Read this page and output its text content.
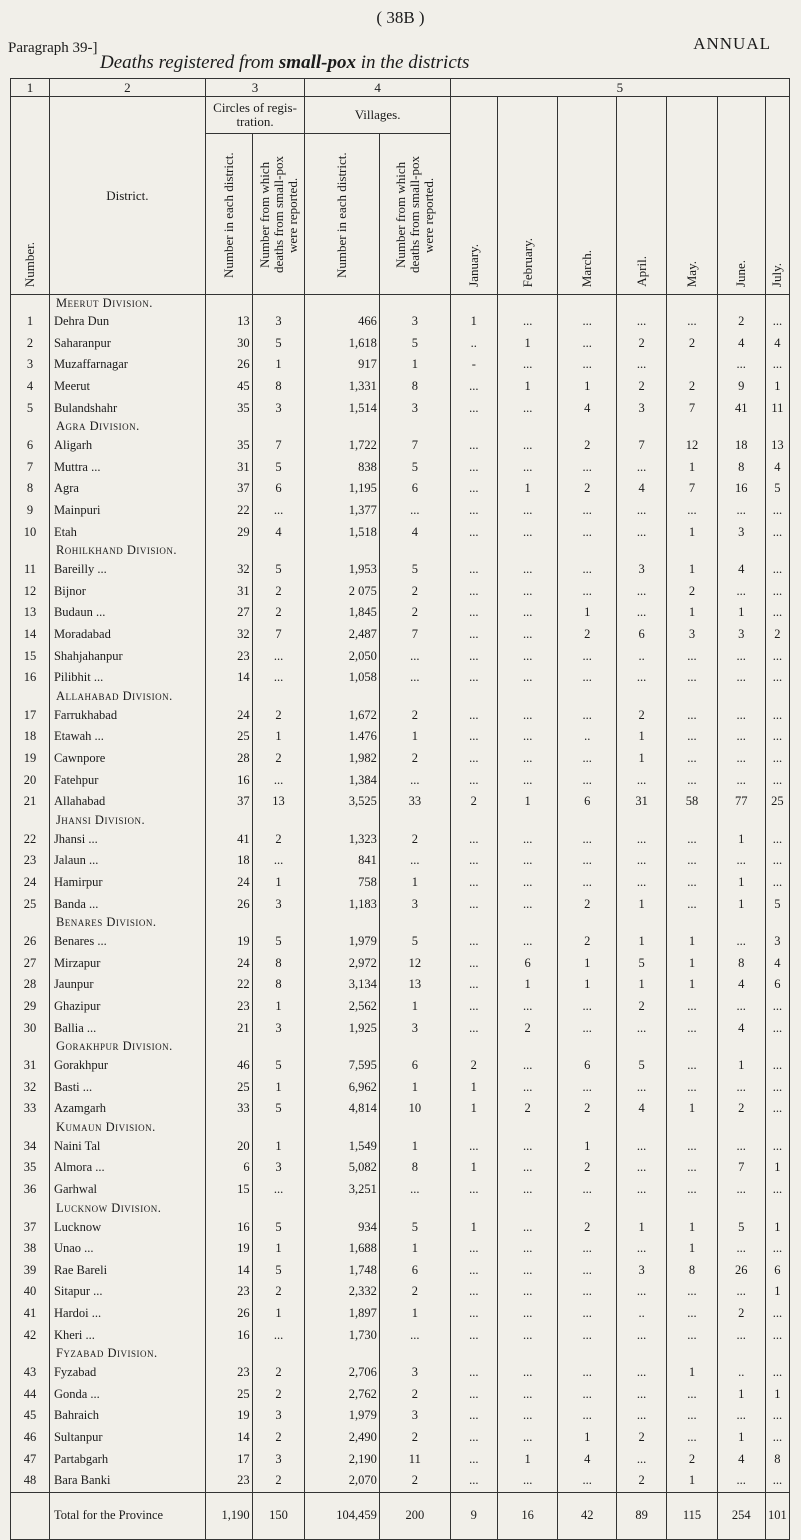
( 38B )
Paragraph 39-]	ANNUAL
Deaths registered from small-pox in the districts
1	2	3		4		5						
Number.	District.	Circles of regis-tration.		Villages.		January.	February.	March.	April.	May.	June.	July.
		Number in each district.	Number from which deaths from small-pox were reported.	Number in each district.	Number from which deaths from small-pox were reported.							
	Meerut Division.											
1	Dehra Dun	13	3	466	3	1	...	...	...	...	2	...
2	Saharanpur	30	5	1,618	5	..	1	...	2	2	4	4
3	Muzaffarnagar	26	1	917	1	-	...	...	...		...	...
4	Meerut	45	8	1,331	8	...	1	1	2	2	9	1
5	Bulandshahr	35	3	1,514	3	...	...	4	3	7	41	11
	Agra Division.											
6	Aligarh	35	7	1,722	7	...	...	2	7	12	18	13
7	Muttra ...	31	5	838	5	...	...	...	...	1	8	4
8	Agra	37	6	1,195	6	...	1	2	4	7	16	5
9	Mainpuri	22	...	1,377	...	...	...	...	...	...	...	...
10	Etah	29	4	1,518	4	...	...	...	...	1	3	...
	Rohilkhand Division.											
11	Bareilly ...	32	5	1,953	5	...	...	...	3	1	4	...
12	Bijnor	31	2	2 075	2	...	...	...	...	2	...	...
13	Budaun ...	27	2	1,845	2	...	...	1	...	1	1	...
14	Moradabad	32	7	2,487	7	...	...	2	6	3	3	2
15	Shahjahanpur	23	...	2,050	...	...	...	...	..	...	...	...
16	Pilibhit ...	14	...	1,058	...	...	...	...	...	...	...	...
	Allahabad Division.											
17	Farrukhabad	24	2	1,672	2	...	...	...	2	...	...	...
18	Etawah ...	25	1	1.476	1	...	...	..	1	...	...	...
19	Cawnpore	28	2	1,982	2	...	...	...	1	...	...	...
20	Fatehpur	16	...	1,384	...	...	...	...	...	...	...	...
21	Allahabad	37	13	3,525	33	2	1	6	31	58	77	25
	Jhansi Division.											
22	Jhansi ...	41	2	1,323	2	...	...	...	...	...	1	...
23	Jalaun ...	18	...	841	...	...	...	...	...	...	...	...
24	Hamirpur	24	1	758	1	...	...	...	...	...	1	...
25	Banda ...	26	3	1,183	3	...	...	2	1	...	1	5
	Benares Division.											
26	Benares ...	19	5	1,979	5	...	...	2	1	1	...	3
27	Mirzapur	24	8	2,972	12	...	6	1	5	1	8	4
28	Jaunpur	22	8	3,134	13	...	1	1	1	1	4	6
29	Ghazipur	23	1	2,562	1	...	...	...	2	...	...	...
30	Ballia ...	21	3	1,925	3	...	2	...	...	...	4	...
	Gorakhpur Division.											
31	Gorakhpur	46	5	7,595	6	2	...	6	5	...	1	...
32	Basti ...	25	1	6,962	1	1	...	...	...	...	...	...
33	Azamgarh	33	5	4,814	10	1	2	2	4	1	2	...
	Kumaun Division.											
34	Naini Tal	20	1	1,549	1	...	...	1	...	...	...	...
35	Almora ...	6	3	5,082	8	1	...	2	...	...	7	1
36	Garhwal	15	...	3,251	...	...	...	...	...	...	...	...
	Lucknow Division.											
37	Lucknow	16	5	934	5	1	...	2	1	1	5	1
38	Unao ...	19	1	1,688	1	...	...	...	...	1	...	...
39	Rae Bareli	14	5	1,748	6	...	...	...	3	8	26	6
40	Sitapur ...	23	2	2,332	2	...	...	...	...	...	...	1
41	Hardoi ...	26	1	1,897	1	...	...	...	..	...	2	...
42	Kheri ...	16	...	1,730	...	...	...	...	...	...	...	...
	Fyzabad Division.											
43	Fyzabad	23	2	2,706	3	...	...	...	...	1	..	...
44	Gonda ...	25	2	2,762	2	...	...	...	...	...	1	1
45	Bahraich	19	3	1,979	3	...	...	...	...	...	...	...
46	Sultanpur	14	2	2,490	2	...	...	1	2	...	1	...
47	Partabgarh	17	3	2,190	11	...	1	4	...	2	4	8
48	Bara Banki	23	2	2,070	2	...	...	...	2	1	...	...
	Total for the Province	1,190	150	104,459	200	9	16	42	89	115	254	101
